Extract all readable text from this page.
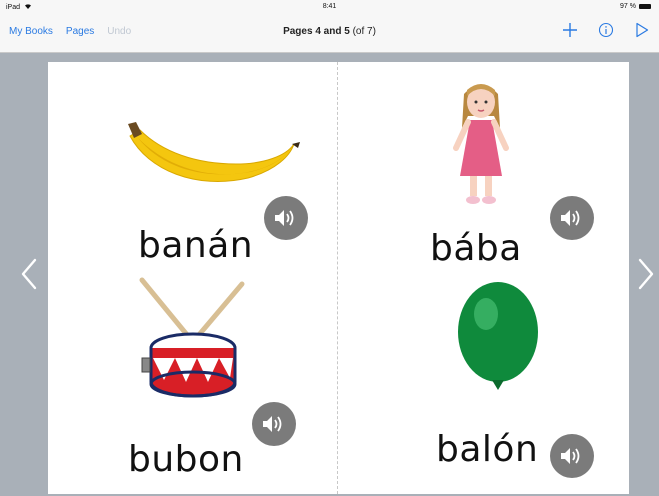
iPad	8:41	97 %
My Books Pages Undo	Pages 4 and 5 (of 7)
banán
bubon
bába
balón
